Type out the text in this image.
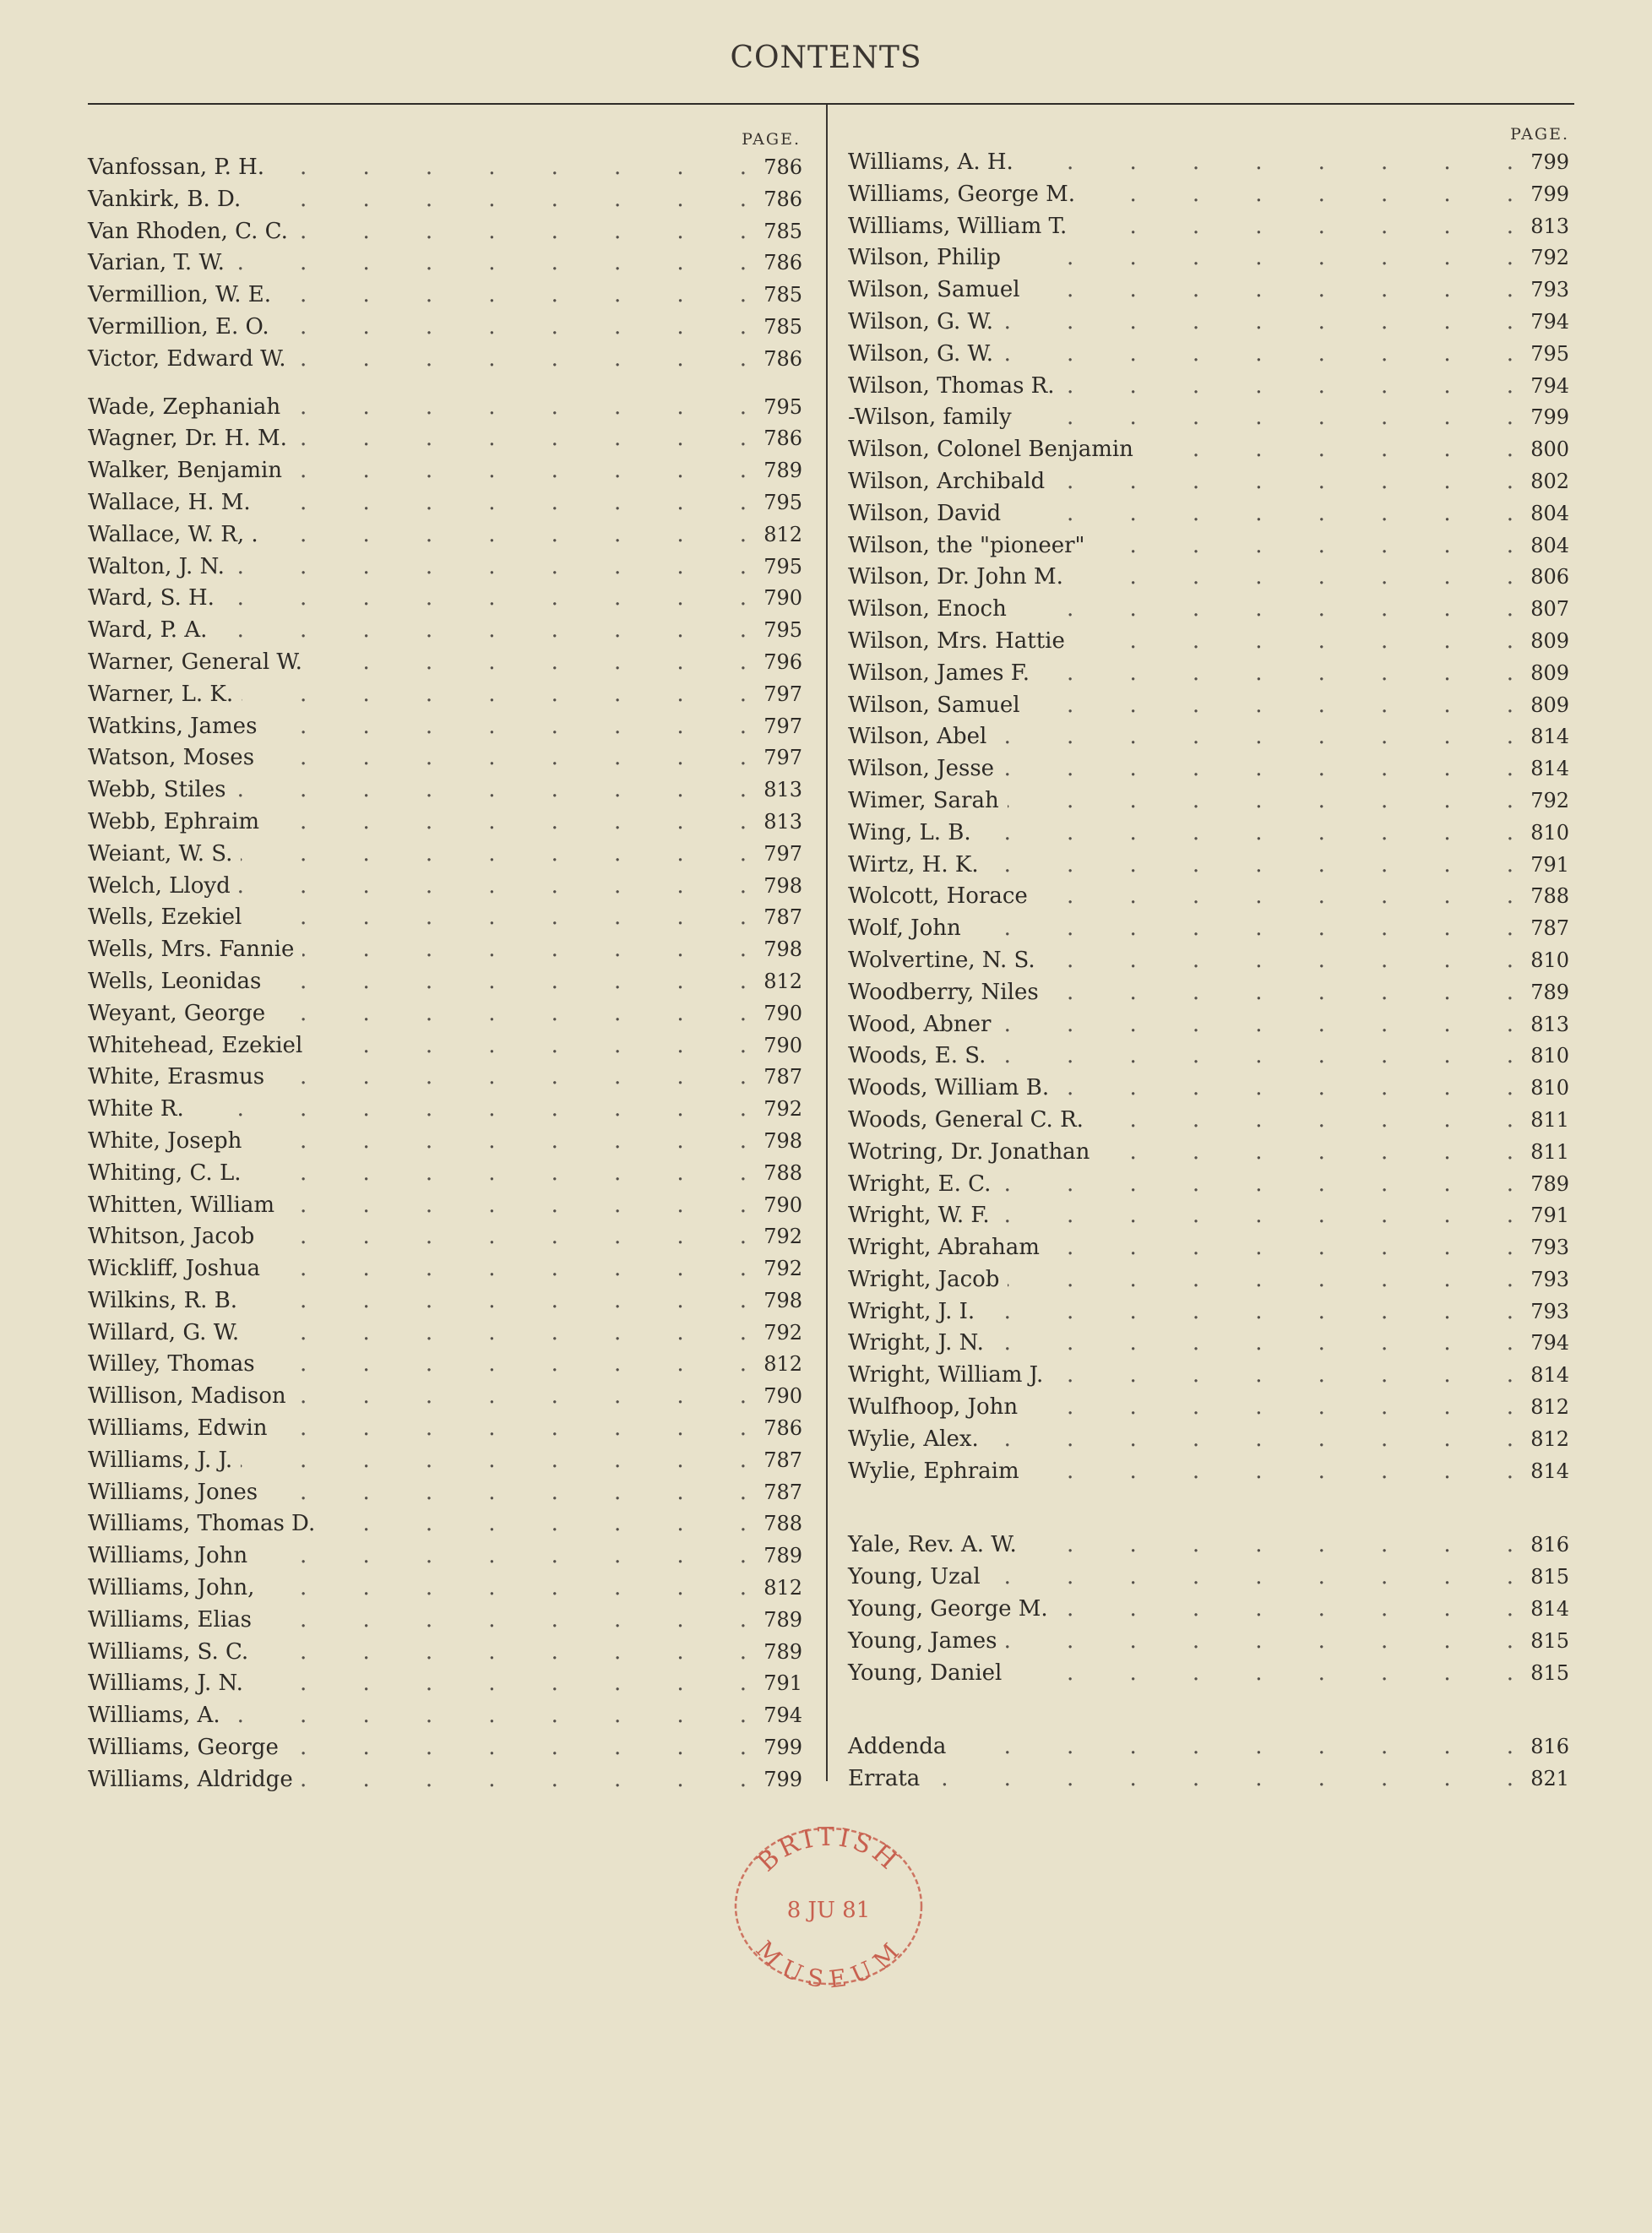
CONTENTS
PAGE.
Vanfossan, P. H. .	786
Vankirk, B. D. .	786
Van Rhoden, C. C. .	785
Varian, T. W. .	786
Vermillion, W. E. .	785
Vermillion, E. O. .	785
Victor, Edward W. .	786
Wade, Zephaniah .	795
Wagner, Dr. H. M. .	786
Walker, Benjamin .	789
Wallace, H. M. .	795
Wallace, W. R, . .	812
Walton, J. N. .	795
Ward, S. H. .	790
Ward, P. A. .	795
Warner, General W. .	796
Warner, L. K. .	797
Watkins, James .	797
Watson, Moses .	797
Webb, Stiles .	813
Webb, Ephraim .	813
Weiant, W. S. .	797
Welch, Lloyd .	798
Wells, Ezekiel .	787
Wells, Mrs. Fannie .	798
Wells, Leonidas .	812
Weyant, George .	790
Whitehead, Ezekiel .	790
White, Erasmus .	787
White R. .	792
White, Joseph .	798
Whiting, C. L. .	788
Whitten, William .	790
Whitson, Jacob .	792
Wickliff, Joshua .	792
Wilkins, R. B. .	798
Willard, G. W. .	792
Willey, Thomas .	812
Willison, Madison .	790
Williams, Edwin .	786
Williams, J. J. .	787
Williams, Jones .	787
Williams, Thomas D. .	788
Williams, John .	789
Williams, John, .	812
Williams, Elias .	789
Williams, S. C. .	789
Williams, J. N. .	791
Williams, A. .	794
Williams, George .	799
Williams, Aldridge .	799
PAGE.
Williams, A. H. .	799
Williams, George M. .	799
Williams, William T. .	813
Wilson, Philip .	792
Wilson, Samuel .	793
Wilson, G. W. .	794
Wilson, G. W. .	795
Wilson, Thomas R. .	794
-Wilson, family .	799
Wilson, Colonel Benjamin .	800
Wilson, Archibald .	802
Wilson, David .	804
Wilson, the "pioneer" .	804
Wilson, Dr. John M. .	806
Wilson, Enoch .	807
Wilson, Mrs. Hattie .	809
Wilson, James F. .	809
Wilson, Samuel .	809
Wilson, Abel .	814
Wilson, Jesse .	814
Wimer, Sarah .	792
Wing, L. B. .	810
Wirtz, H. K. .	791
Wolcott, Horace .	788
Wolf, John .	787
Wolvertine, N. S. .	810
Woodberry, Niles .	789
Wood, Abner .	813
Woods, E. S. .	810
Woods, William B. .	810
Woods, General C. R. .	811
Wotring, Dr. Jonathan .	811
Wright, E. C. .	789
Wright, W. F. .	791
Wright, Abraham .	793
Wright, Jacob .	793
Wright, J. I. .	793
Wright, J. N. .	794
Wright, William J. .	814
Wulfhoop, John .	812
Wylie, Alex. .	812
Wylie, Ephraim .	814
Yale, Rev. A. W. .	816
Young, Uzal .	815
Young, George M. .	814
Young, James .	815
Young, Daniel .	815
Addenda .	816
Errata .	821
BRITISH
8 JU 81
MUSEUM
